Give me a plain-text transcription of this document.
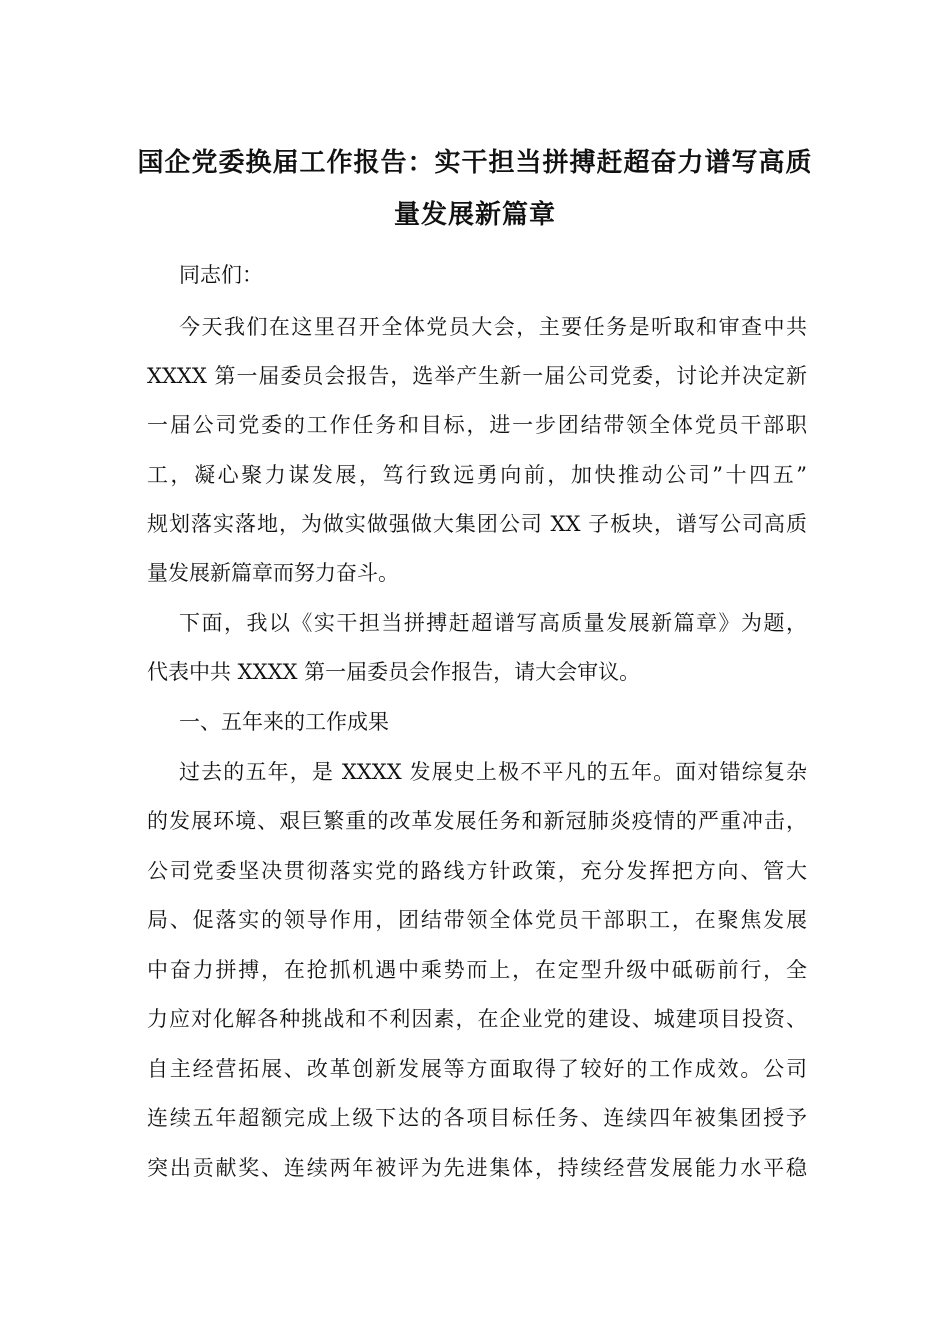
国企党委换届工作报告：实干担当拼搏赶超奋力谱写高质
量发展新篇章
同志们：
今天我们在这里召开全体党员大会，主要任务是听取和审查中共
XXXX 第一届委员会报告，选举产生新一届公司党委，讨论并决定新
一届公司党委的工作任务和目标，进一步团结带领全体党员干部职
工，凝心聚力谋发展，笃行致远勇向前，加快推动公司”十四五”
规划落实落地，为做实做强做大集团公司 XX 子板块，谱写公司高质
量发展新篇章而努力奋斗。
下面，我以《实干担当拼搏赶超谱写高质量发展新篇章》为题，
代表中共 XXXX 第一届委员会作报告，请大会审议。
一、五年来的工作成果
过去的五年，是 XXXX 发展史上极不平凡的五年。面对错综复杂
的发展环境、艰巨繁重的改革发展任务和新冠肺炎疫情的严重冲击，
公司党委坚决贯彻落实党的路线方针政策，充分发挥把方向、管大
局、促落实的领导作用，团结带领全体党员干部职工，在聚焦发展
中奋力拼搏，在抢抓机遇中乘势而上，在定型升级中砥砺前行，全
力应对化解各种挑战和不利因素，在企业党的建设、城建项目投资、
自主经营拓展、改革创新发展等方面取得了较好的工作成效。公司
连续五年超额完成上级下达的各项目标任务、连续四年被集团授予
突出贡献奖、连续两年被评为先进集体，持续经营发展能力水平稳
